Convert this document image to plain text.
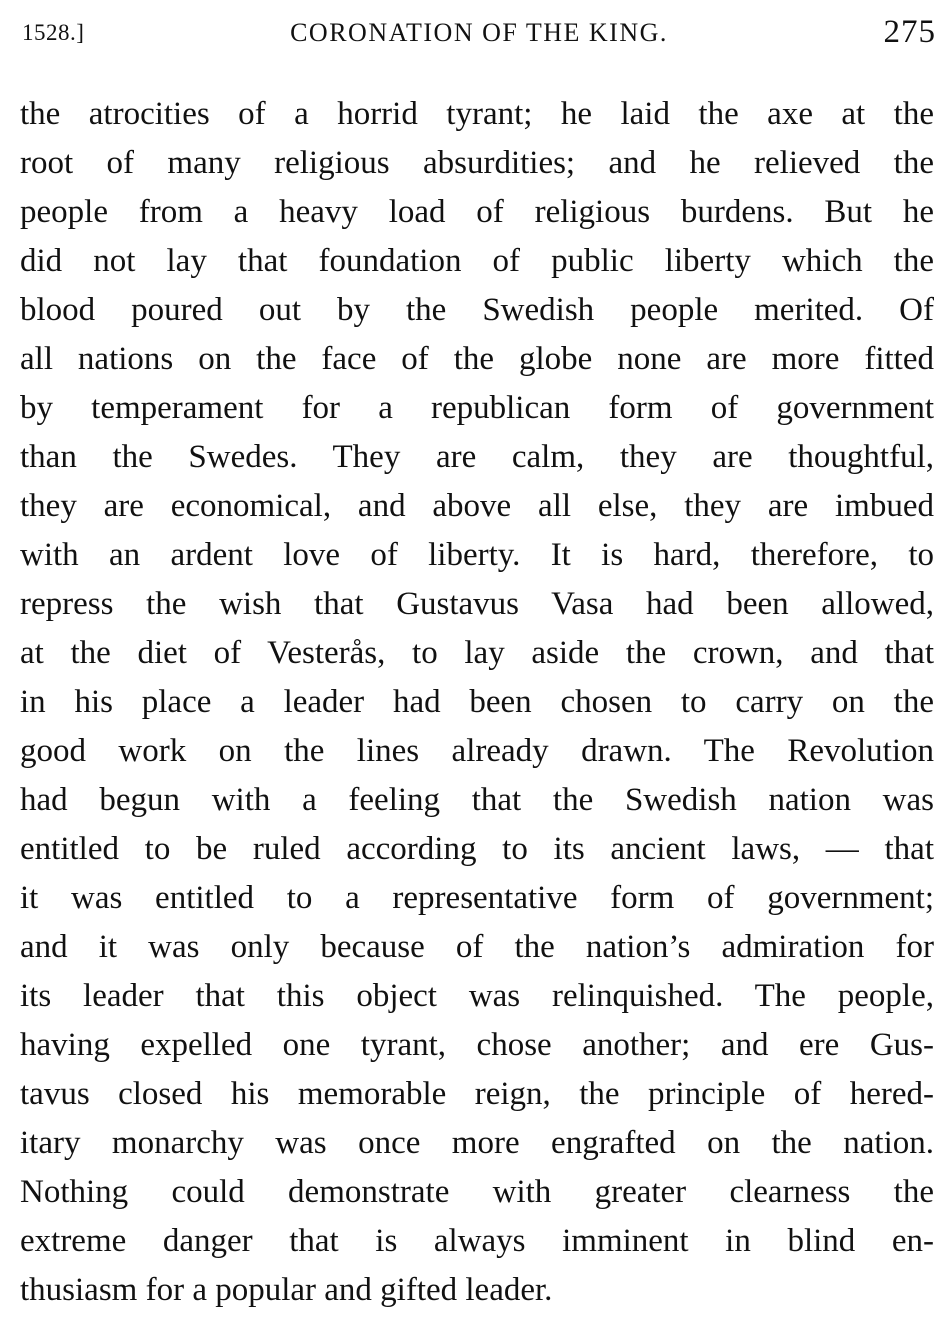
1528.]	CORONATION OF THE KING.	275
the atrocities of a horrid tyrant; he laid the axe at the
root of many religious absurdities; and he relieved the
people from a heavy load of religious burdens. But he
did not lay that foundation of public liberty which the
blood poured out by the Swedish people merited. Of
all nations on the face of the globe none are more fitted
by temperament for a republican form of government
than the Swedes. They are calm, they are thoughtful,
they are economical, and above all else, they are imbued
with an ardent love of liberty. It is hard, therefore, to
repress the wish that Gustavus Vasa had been allowed,
at the diet of Vesterås, to lay aside the crown, and that
in his place a leader had been chosen to carry on the
good work on the lines already drawn. The Revolution
had begun with a feeling that the Swedish nation was
entitled to be ruled according to its ancient laws, — that
it was entitled to a representative form of government;
and it was only because of the nation’s admiration for
its leader that this object was relinquished. The people,
having expelled one tyrant, chose another; and ere Gus-
tavus closed his memorable reign, the principle of hered-
itary monarchy was once more engrafted on the nation.
Nothing could demonstrate with greater clearness the
extreme danger that is always imminent in blind en-
thusiasm for a popular and gifted leader.
